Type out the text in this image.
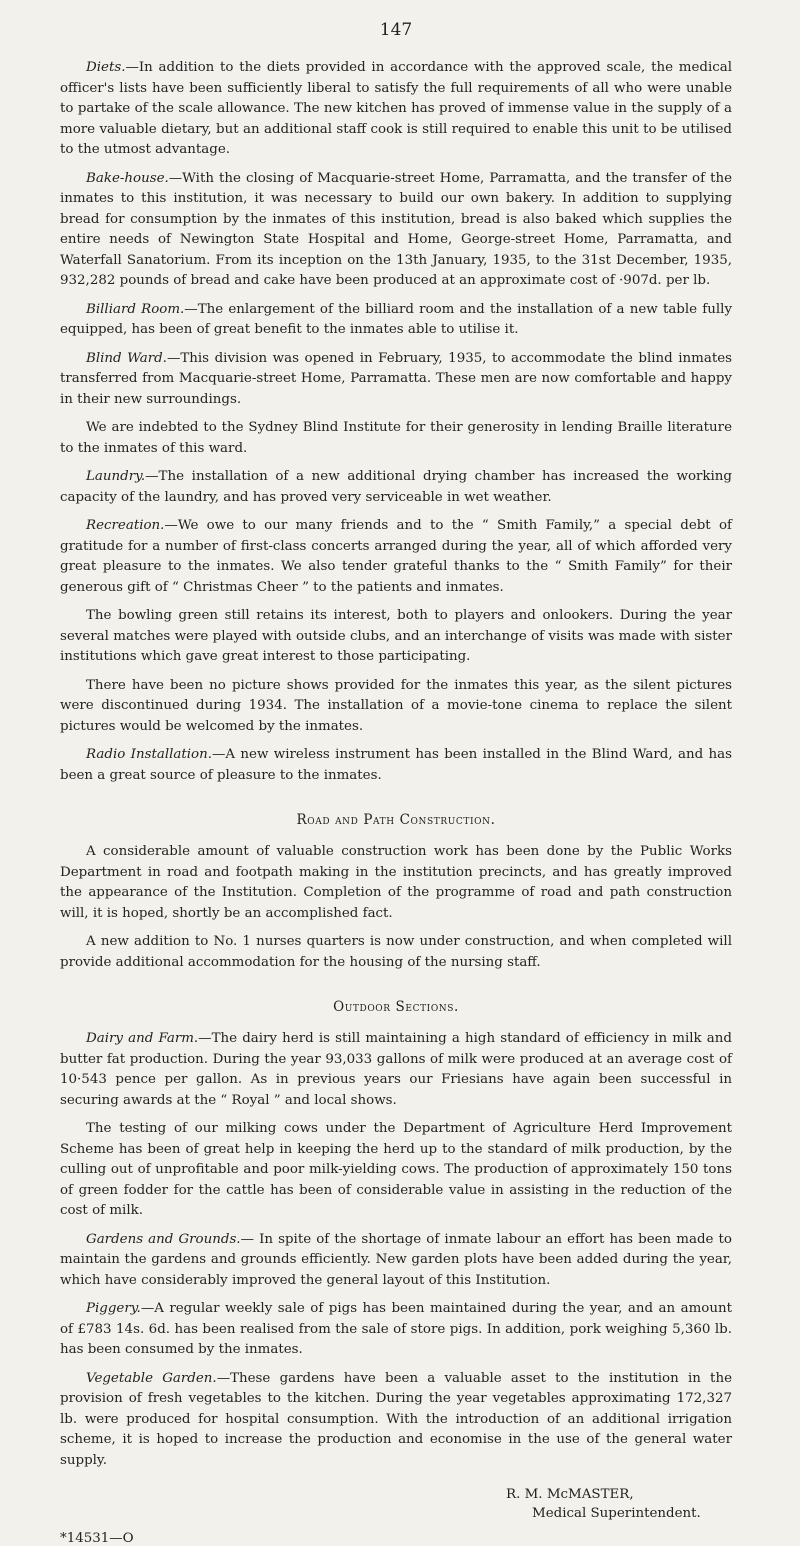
147

Diets.—In addition to the diets provided in accordance with the approved scale, the medical officer's lists have been sufficiently liberal to satisfy the full requirements of all who were unable to partake of the scale allowance. The new kitchen has proved of immense value in the supply of a more valuable dietary, but an additional staff cook is still required to enable this unit to be utilised to the utmost advantage.

Bake-house.—With the closing of Macquarie-street Home, Parramatta, and the transfer of the inmates to this institution, it was necessary to build our own bakery. In addition to supplying bread for consumption by the inmates of this institution, bread is also baked which supplies the entire needs of Newington State Hospital and Home, George-street Home, Parramatta, and Waterfall Sanatorium. From its inception on the 13th January, 1935, to the 31st December, 1935, 932,282 pounds of bread and cake have been produced at an approximate cost of ·907d. per lb.

Billiard Room.—The enlargement of the billiard room and the installation of a new table fully equipped, has been of great benefit to the inmates able to utilise it.

Blind Ward.—This division was opened in February, 1935, to accommodate the blind inmates transferred from Macquarie-street Home, Parramatta. These men are now comfortable and happy in their new surroundings.

We are indebted to the Sydney Blind Institute for their generosity in lending Braille literature to the inmates of this ward.

Laundry.—The installation of a new additional drying chamber has increased the working capacity of the laundry, and has proved very serviceable in wet weather.

Recreation.—We owe to our many friends and to the “ Smith Family,” a special debt of gratitude for a number of first-class concerts arranged during the year, all of which afforded very great pleasure to the inmates. We also tender grateful thanks to the “ Smith Family” for their generous gift of “ Christmas Cheer ” to the patients and inmates.

The bowling green still retains its interest, both to players and onlookers. During the year several matches were played with outside clubs, and an interchange of visits was made with sister institutions which gave great interest to those participating.

There have been no picture shows provided for the inmates this year, as the silent pictures were discontinued during 1934. The installation of a movie-tone cinema to replace the silent pictures would be welcomed by the inmates.

Radio Installation.—A new wireless instrument has been installed in the Blind Ward, and has been a great source of pleasure to the inmates.

Road and Path Construction.

A considerable amount of valuable construction work has been done by the Public Works Department in road and footpath making in the institution precincts, and has greatly improved the appearance of the Institution. Completion of the programme of road and path construction will, it is hoped, shortly be an accomplished fact.

A new addition to No. 1 nurses quarters is now under construction, and when completed will provide additional accommodation for the housing of the nursing staff.

Outdoor Sections.

Dairy and Farm.—The dairy herd is still maintaining a high standard of efficiency in milk and butter fat production. During the year 93,033 gallons of milk were produced at an average cost of 10·543 pence per gallon. As in previous years our Friesians have again been successful in securing awards at the “ Royal ” and local shows.

The testing of our milking cows under the Department of Agriculture Herd Improvement Scheme has been of great help in keeping the herd up to the standard of milk production, by the culling out of unprofitable and poor milk-yielding cows. The production of approximately 150 tons of green fodder for the cattle has been of considerable value in assisting in the reduction of the cost of milk.

Gardens and Grounds.— In spite of the shortage of inmate labour an effort has been made to maintain the gardens and grounds efficiently. New garden plots have been added during the year, which have considerably improved the general layout of this Institution.

Piggery.—A regular weekly sale of pigs has been maintained during the year, and an amount of £783 14s. 6d. has been realised from the sale of store pigs. In addition, pork weighing 5,360 lb. has been consumed by the inmates.

Vegetable Garden.—These gardens have been a valuable asset to the institution in the provision of fresh vegetables to the kitchen. During the year vegetables approximating 172,327 lb. were produced for hospital consumption. With the introduction of an additional irrigation scheme, it is hoped to increase the production and economise in the use of the general water supply.

R. M. McMASTER,
Medical Superintendent.
*14531—O
